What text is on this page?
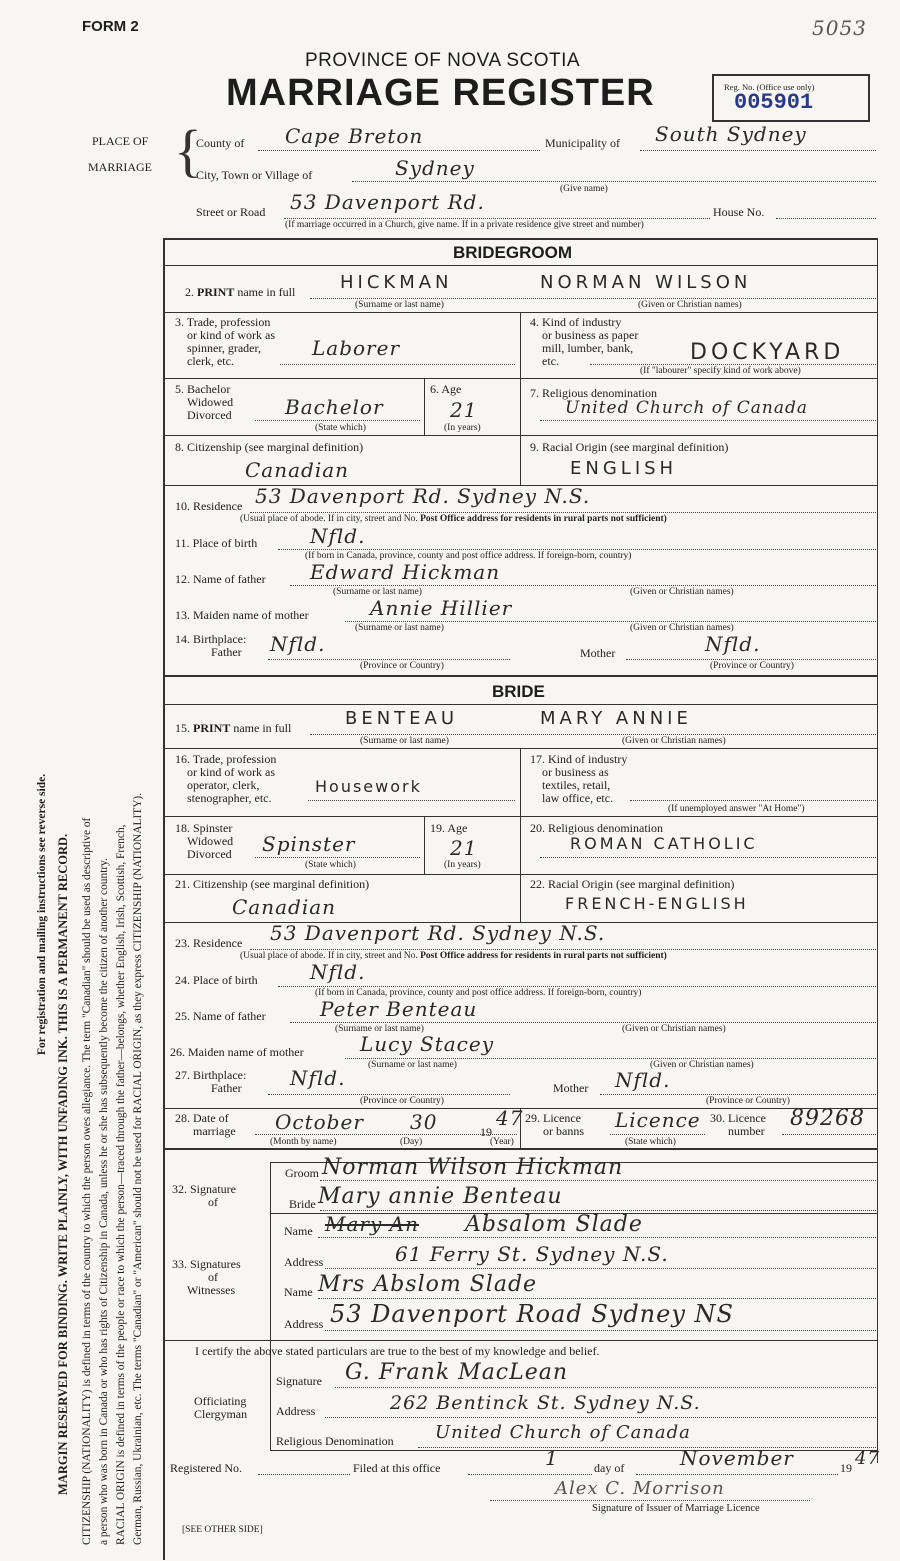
FORM 2	5053
PROVINCE OF NOVA SCOTIA
MARRIAGE REGISTER	Reg. No. (Office use only)
005901
MARGIN RESERVED FOR BINDING. WRITE PLAINLY, WITH UNFADING INK. THIS IS A PERMANENT RECORD.
For registration and mailing instructions see reverse side.	CITIZENSHIP (NATIONALITY) is defined in terms of the country to which the person owes allegiance. The term "Canadian" should be used as descriptive of a person who was born in Canada or who has rights of Citizenship in Canada, unless he or she has subsequently become the citizen of another country. RACIAL ORIGIN is defined in terms of the people or race to which the person—traced through the father—belongs, whether English, Irish, Scottish, French, German, Russian, Ukrainian, etc. The terms "Canadian" or "American" should not be used for RACIAL ORIGIN, as they express CITIZENSHIP (NATIONALITY).
PLACE OF
MARRIAGE {
County of Cape Breton	Municipality of South Sydney
City, Town or Village of	Sydney
(Give name)
Street or Road 53 Davenport Rd.	House No.
(If marriage occurred in a Church, give name. If in a private residence give street and number)
BRIDEGROOM
2. PRINT name in full HICKMAN	NORMAN WILSON
(Surname or last name)	(Given or Christian names)
3. Trade, profession
or kind of work as
spinner, grader,
clerk, etc.
Laborer
4. Kind of industry
or business as paper
mill, lumber, bank,
etc.	DOCKYARD
(If "labourer" specify kind of work above)
5. Bachelor
Widowed
Divorced	Bachelor
(State which)
6. Age
21
(In years)
7. Religious denomination
United Church of Canada
8. Citizenship (see marginal definition)
Canadian
9. Racial Origin (see marginal definition)
ENGLISH
10. Residence 53 Davenport Rd. Sydney N.S.
(Usual place of abode. If in city, street and No. Post Office address for residents in rural parts not sufficient)
11. Place of birth	Nfld.
(If born in Canada, province, county and post office address. If foreign-born, country)
12. Name of father Edward Hickman
(Surname or last name)	(Given or Christian names)
13. Maiden name of mother	Annie Hillier
(Surname or last name)	(Given or Christian names)
14. Birthplace:
Father Nfld.	Mother	Nfld.
(Province or Country)	(Province or Country)
BRIDE
15. PRINT name in full	BENTEAU	MARY ANNIE
(Surname or last name)	(Given or Christian names)
16. Trade, profession
or kind of work as
operator, clerk,
stenographer, etc.
Housework
17. Kind of industry
or business as
textiles, retail,
law office, etc.
(If unemployed answer "At Home")
18. Spinster
Widowed
Divorced Spinster
(State which)
19. Age
21
(In years)
20. Religious denomination
ROMAN CATHOLIC
21. Citizenship (see marginal definition)
Canadian
22. Racial Origin (see marginal definition)
FRENCH-ENGLISH
23. Residence 53 Davenport Rd. Sydney N.S.
(Usual place of abode. If in city, street and No. Post Office address for residents in rural parts not sufficient)
24. Place of birth	Nfld.
(If born in Canada, province, county and post office address. If foreign-born, country)
25. Name of father	Peter Benteau
(Surname or last name)	(Given or Christian names)
26. Maiden name of mother	Lucy Stacey
(Surname or last name)	(Given or Christian names)
27. Birthplace:
Father Nfld.	Mother Nfld.
(Province or Country)	(Province or Country)
28. Date of
marriage October 30	19
47
(Month by name)	(Day)	(Year)
29. Licence
or banns Licence
(State which)
30. Licence
number 89268
32. Signature
of
Groom Norman Wilson Hickman
Bride Mary annie Benteau
33. Signatures
of
Witnesses
Name Mary An Absalom Slade
Address	61 Ferry St. Sydney N.S.
Name Mrs Abslom Slade
Address 53 Davenport Road Sydney NS
I certify the above stated particulars are true to the best of my knowledge and belief.
Officiating
Clergyman
Signature G. Frank MacLean
Address	262 Bentinck St. Sydney N.S.
Religious Denomination United Church of Canada
Registered No.	Filed at this office	1	day of	November	19 47
Alex C. Morrison
Signature of Issuer of Marriage Licence
[SEE OTHER SIDE]
